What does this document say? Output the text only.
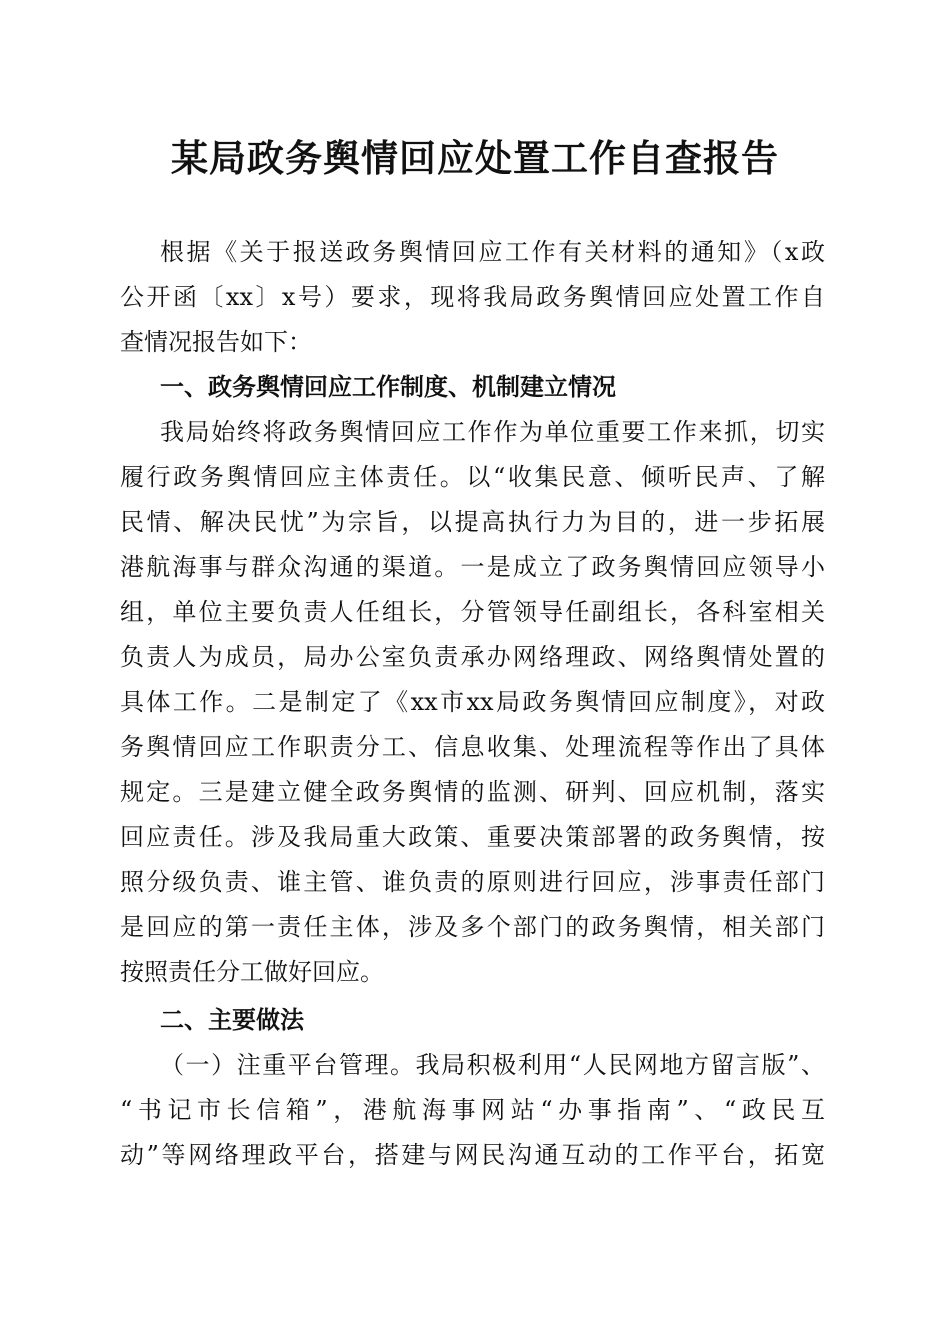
某局政务舆情回应处置工作自查报告
根据《关于报送政务舆情回应工作有关材料的通知》（x政
公开函〔xx〕x号）要求，现将我局政务舆情回应处置工作自
查情况报告如下：
一、政务舆情回应工作制度、机制建立情况
我局始终将政务舆情回应工作作为单位重要工作来抓，切实
履行政务舆情回应主体责任。以“收集民意、倾听民声、了解
民情、解决民忧”为宗旨，以提高执行力为目的，进一步拓展
港航海事与群众沟通的渠道。一是成立了政务舆情回应领导小
组，单位主要负责人任组长，分管领导任副组长，各科室相关
负责人为成员，局办公室负责承办网络理政、网络舆情处置的
具体工作。二是制定了《xx市xx局政务舆情回应制度》，对政
务舆情回应工作职责分工、信息收集、处理流程等作出了具体
规定。三是建立健全政务舆情的监测、研判、回应机制，落实
回应责任。涉及我局重大政策、重要决策部署的政务舆情，按
照分级负责、谁主管、谁负责的原则进行回应，涉事责任部门
是回应的第一责任主体，涉及多个部门的政务舆情，相关部门
按照责任分工做好回应。
二、主要做法
（一）注重平台管理。我局积极利用“人民网地方留言版”、
“书记市长信箱”，港航海事网站“办事指南”、“政民互
动”等网络理政平台，搭建与网民沟通互动的工作平台，拓宽
